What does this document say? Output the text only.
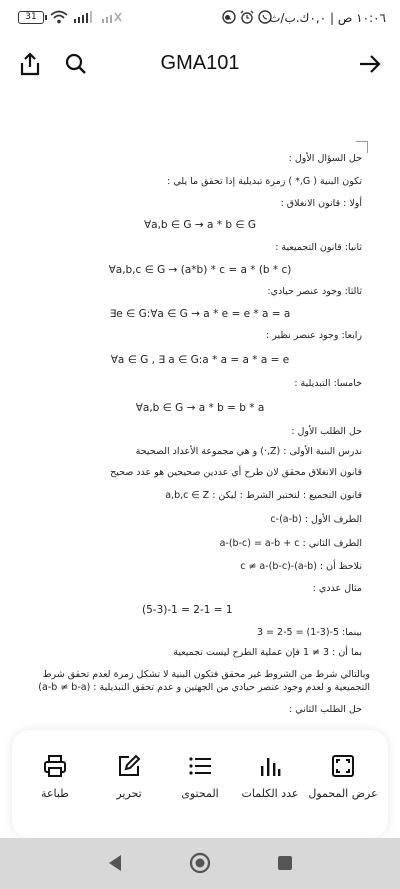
31	١٠:٠٦ ص | ٠,٠ك.ب/ث
GMA101
حل السؤال الأول :
تكون البنية ( G,* ) زمرة تبديلية إذا تحقق ما يلي :
أولا : قانون الانغلاق :
∀a,b ∈ G → a * b ∈ G
ثانيا: قانون التجميعية :
∀a,b,c ∈ G → (a*b) * c = a * (b * c)
ثالثا: وجود عنصر حيادي:
∃e ∈ G:∀a ∈ G → a * e = e * a = a
رابعا: وجود عنصر نظير :
∀a ∈ G , ∃ a ∈ G:a * a = a * a = e
خامسا: التبديلية :
∀a,b ∈ G → a * b = b * a
حل الطلب الأول :
ندرس البنية الأولى : (Z,·) و هي مجموعة الأعداد الصحيحة
قانون الانغلاق محقق لان طرح أي عددين صحيحين هو عدد صحيح
قانون التجميع : لنختبر الشرط : ليكن : a,b,c ∈ Z
الطرف الأول : (a-b)-c
الطرف الثاني : a-(b-c) = a-b + c
نلاحظ أن : (a-b)-c ≠ a-(b-c)
مثال عددي :
(5-3)-1 = 2-1 = 1
بينما: 5-(3-1) = 5-2 = 3
بما أن : 3 ≠ 1 فإن عملية الطرح ليست تجميعية
وبالتالي شرط من الشروط غير محقق فتكون البنية لا تشكل زمرة لعدم تحقق شرط التجميعية و لعدم وجود عنصر حيادي من الجهتين و عدم تحقق التبديلية : (a-b ≠ b-a)
حل الطلب الثاني :
طباعة	تحرير	المحتوى	عدد الكلمات عرض المحمول
